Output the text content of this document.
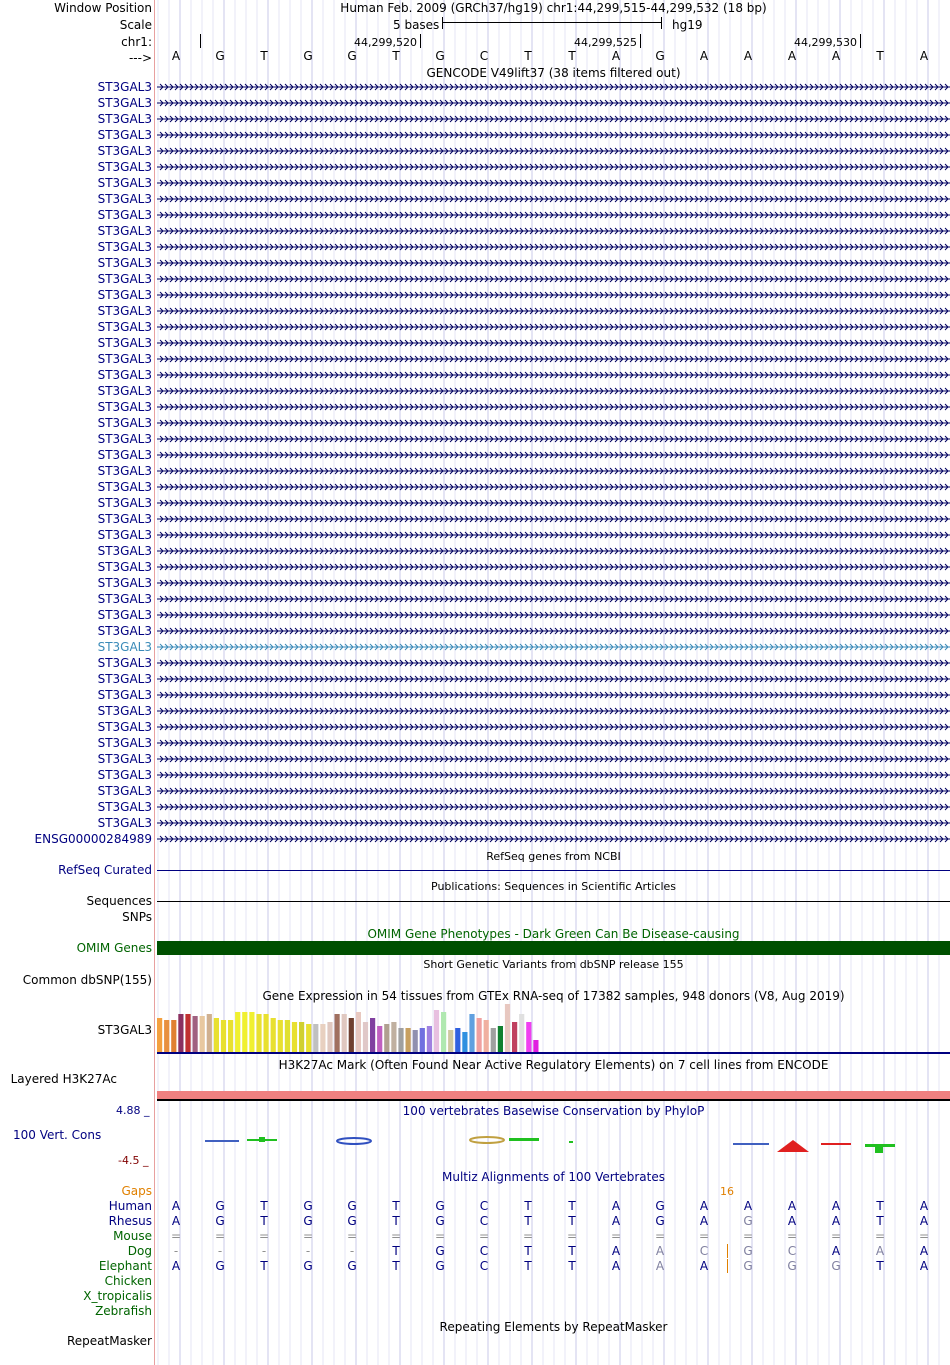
Window Position	Human Feb. 2009 (GRCh37/hg19) chr1:44,299,515-44,299,532 (18 bp)
Scale	5 bases	hg19
chr1:	44,299,520	44,299,525	44,299,530
--->	A	G	T	G	G	T	G	C	T	T	A	G	A	A	A	A	T	A
GENCODE V49lift37 (38 items filtered out)
ST3GAL3
ST3GAL3
ST3GAL3
ST3GAL3
ST3GAL3
ST3GAL3
ST3GAL3
ST3GAL3
ST3GAL3
ST3GAL3
ST3GAL3
ST3GAL3
ST3GAL3
ST3GAL3
ST3GAL3
ST3GAL3
ST3GAL3
ST3GAL3
ST3GAL3
ST3GAL3
ST3GAL3
ST3GAL3
ST3GAL3
ST3GAL3
ST3GAL3
ST3GAL3
ST3GAL3
ST3GAL3
ST3GAL3
ST3GAL3
ST3GAL3
ST3GAL3
ST3GAL3
ST3GAL3
ST3GAL3
ST3GAL3
ST3GAL3
ST3GAL3
ST3GAL3
ST3GAL3
ST3GAL3
ST3GAL3
ST3GAL3
ST3GAL3
ST3GAL3
ST3GAL3
ST3GAL3
ENSG00000284989
RefSeq genes from NCBI
RefSeq Curated
Publications: Sequences in Scientific Articles
Sequences
SNPs
OMIM Gene Phenotypes - Dark Green Can Be Disease-causing
OMIM Genes
Short Genetic Variants from dbSNP release 155
Common dbSNP(155)
Gene Expression in 54 tissues from GTEx RNA-seq of 17382 samples, 948 donors (V8, Aug 2019)
ST3GAL3
H3K27Ac Mark (Often Found Near Active Regulatory Elements) on 7 cell lines from ENCODE
Layered H3K27Ac
4.88 _	100 vertebrates Basewise Conservation by PhyloP
100 Vert. Cons
-4.5 _
Multiz Alignments of 100 Vertebrates
Gaps	16
Human	A	G	T	G	G	T	G	C	T	T	A	G	A	A	A	A	T	A
Rhesus	A	G	T	G	G	T	G	C	T	T	A	G	A	G	A	A	T	A
Mouse	=	=	=	=	=	=	=	=	=	=	=	=	=	=	=	=	=	=
Dog	-	-	-	-	-	T	G	C	T	T	A	A	C	G	C	A	A	A
Elephant	A	G	T	G	G	T	G	C	T	T	A	A	A	G	G	G	T	A
Chicken
X_tropicalis
Zebrafish
Repeating Elements by RepeatMasker
RepeatMasker
